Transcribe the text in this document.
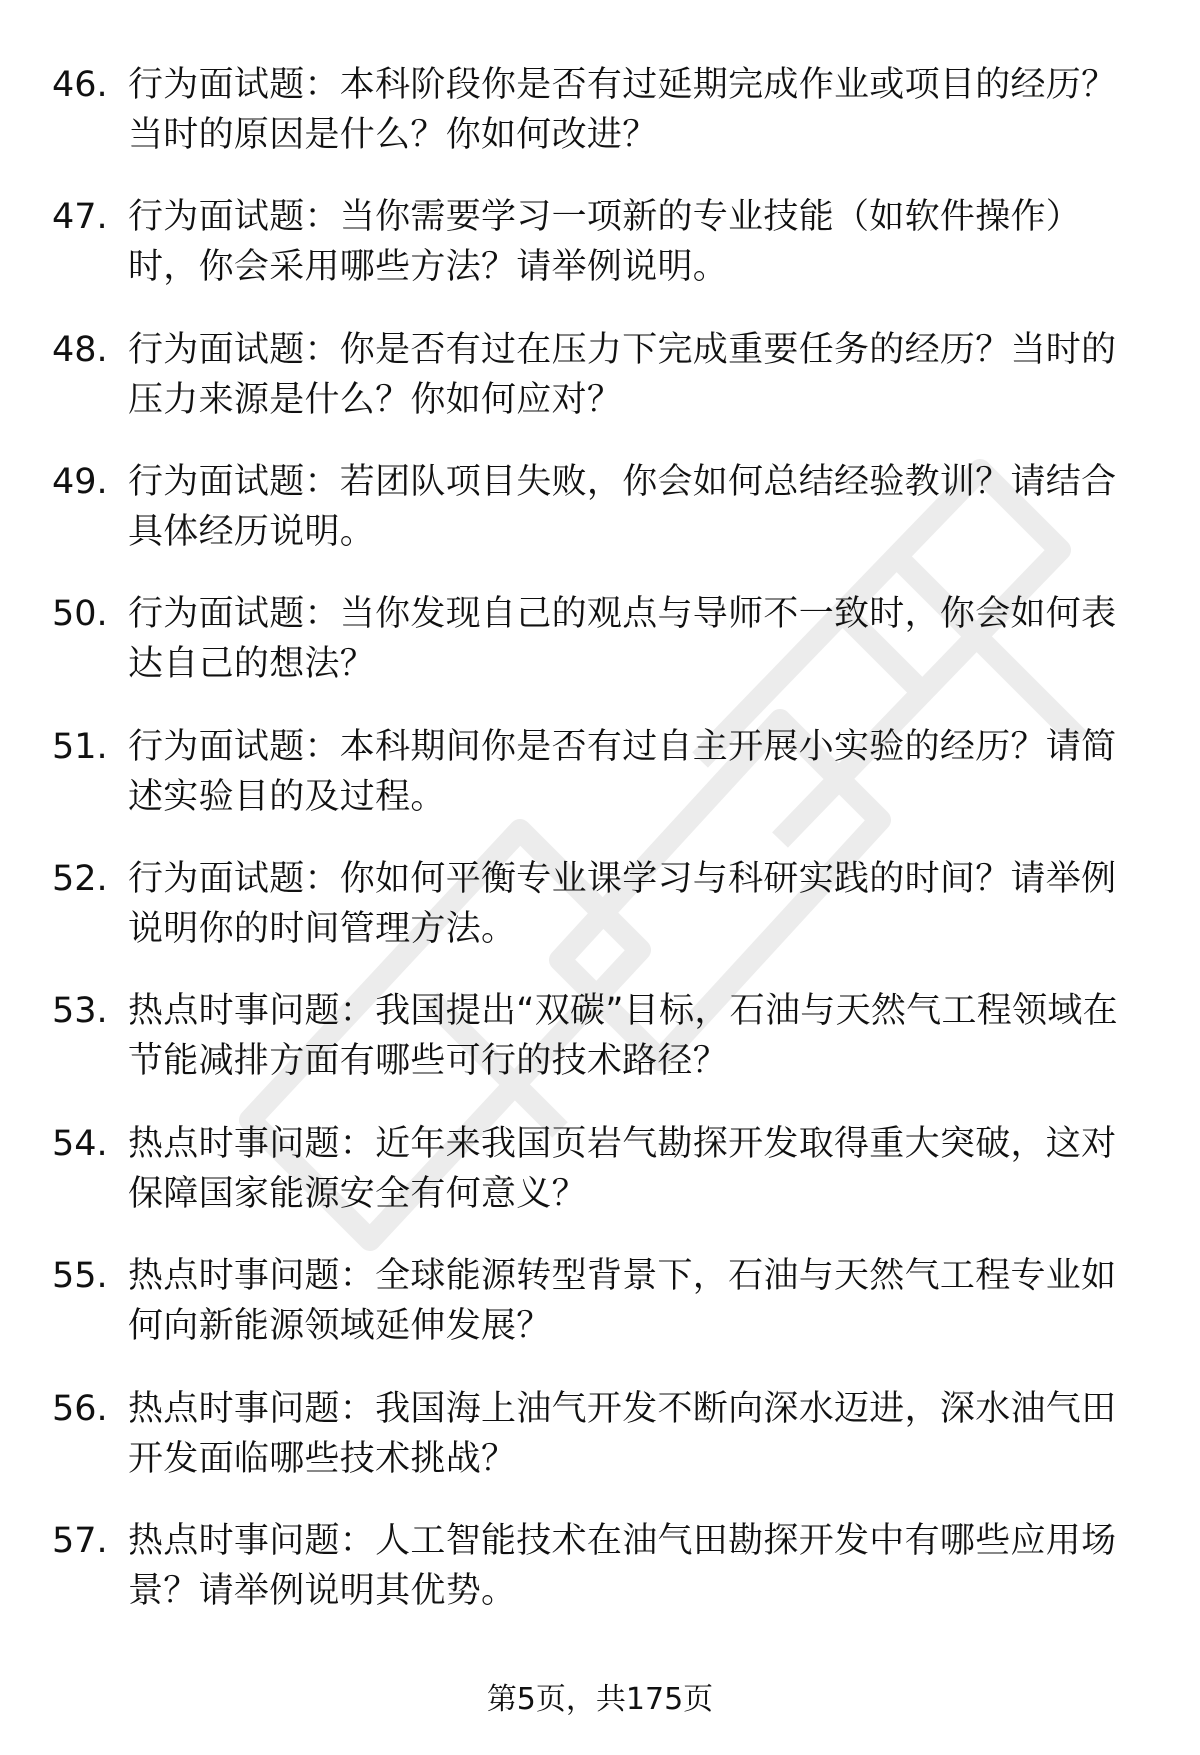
46. 行为面试题：本科阶段你是否有过延期完成作业或项目的经历？当时的原因是什么？你如何改进？
47. 行为面试题：当你需要学习一项新的专业技能（如软件操作）时，你会采用哪些方法？请举例说明。
48. 行为面试题：你是否有过在压力下完成重要任务的经历？当时的压力来源是什么？你如何应对？
49. 行为面试题：若团队项目失败，你会如何总结经验教训？请结合具体经历说明。
50. 行为面试题：当你发现自己的观点与导师不一致时，你会如何表达自己的想法？
51. 行为面试题：本科期间你是否有过自主开展小实验的经历？请简述实验目的及过程。
52. 行为面试题：你如何平衡专业课学习与科研实践的时间？请举例说明你的时间管理方法。
53. 热点时事问题：我国提出“双碳”目标，石油与天然气工程领域在节能减排方面有哪些可行的技术路径？
54. 热点时事问题：近年来我国页岩气勘探开发取得重大突破，这对保障国家能源安全有何意义？
55. 热点时事问题：全球能源转型背景下，石油与天然气工程专业如何向新能源领域延伸发展？
56. 热点时事问题：我国海上油气开发不断向深水迈进，深水油气田开发面临哪些技术挑战？
57. 热点时事问题：人工智能技术在油气田勘探开发中有哪些应用场景？请举例说明其优势。
第5页，共175页
